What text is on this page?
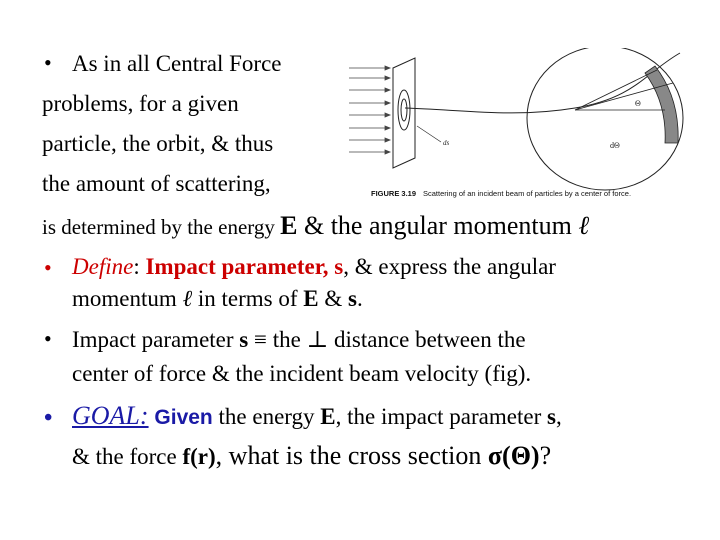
ds
Θ
dΘ
FIGURE 3.19 Scattering of an incident beam of particles by a center of force.
• As in all Central Force
problems, for a given
particle, the orbit, & thus
the amount of scattering,
is determined by the energy E & the angular momentum ℓ
• Define: Impact parameter, s, & express the angular
momentum ℓ in terms of E & s.
• Impact parameter s ≡ the ⊥ distance between the
center of force & the incident beam velocity (fig).
• GOAL: Given the energy E, the impact parameter s,
& the force f(r), what is the cross section σ(Θ)?
